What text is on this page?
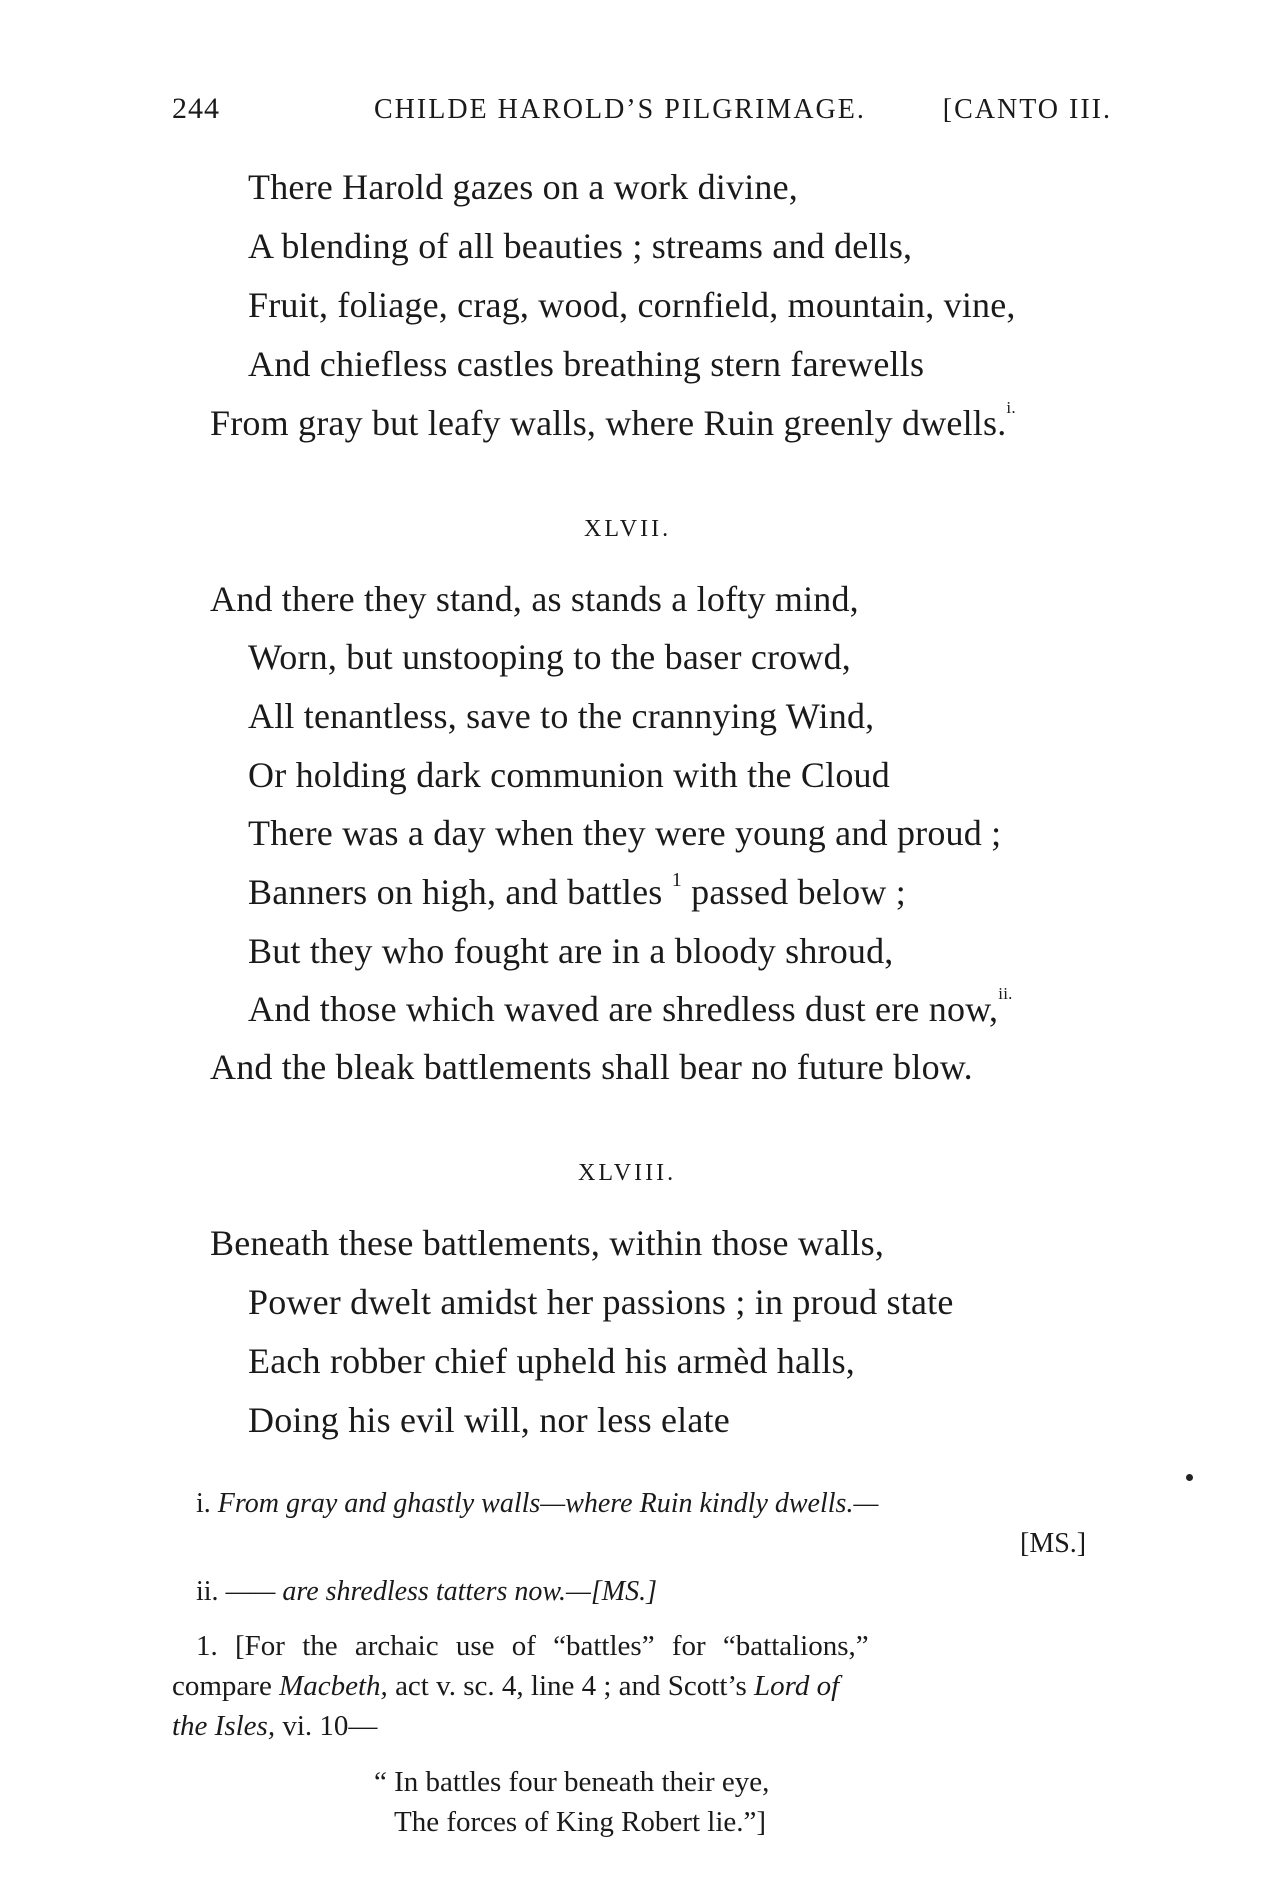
244	CHILDE HAROLD’S PILGRIMAGE.	[CANTO III.
There Harold gazes on a work divine,
A blending of all beauties ; streams and dells,
Fruit, foliage, crag, wood, cornfield, mountain, vine,
And chiefless castles breathing stern farewells
From gray but leafy walls, where Ruin greenly dwells.$^{i.}$
XLVII.
And there they stand, as stands a lofty mind,
Worn, but unstooping to the baser crowd,
All tenantless, save to the crannying Wind,
Or holding dark communion with the Cloud
There was a day when they were young and proud ;
Banners on high, and battles $^1$ passed below ;
But they who fought are in a bloody shroud,
And those which waved are shredless dust ere now,$^{ii.}$
And the bleak battlements shall bear no future blow.
XLVIII.
Beneath these battlements, within those walls,
Power dwelt amidst her passions ; in proud state
Each robber chief upheld his armèd halls,
Doing his evil will, nor less elate
i. From gray and ghastly walls—where Ruin kindly dwells.—
[MS.]
ii. —— are shredless tatters now.—[MS.]
1. [For the archaic use of “battles” for “battalions,”
compare Macbeth, act v. sc. 4, line 4 ; and Scott’s Lord of
the Isles, vi. 10—
“ In battles four beneath their eye,
The forces of King Robert lie.”]
